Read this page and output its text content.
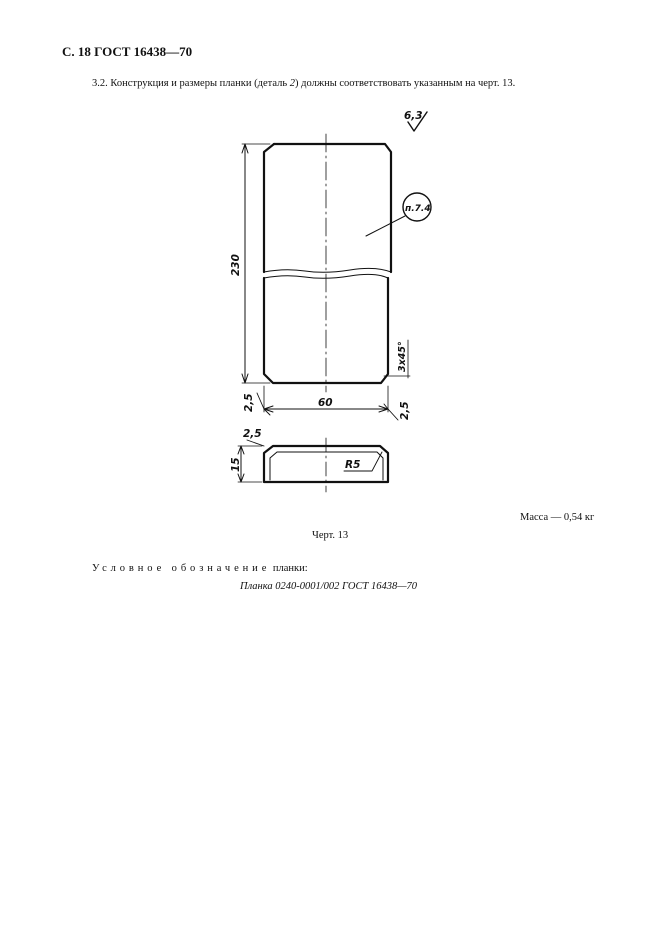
С. 18 ГОСТ 16438—70
3.2. Конструкция и размеры планки (деталь 2) должны соответствовать указанным на черт. 13.
6,3
п.7.4
230
60
3х45°
2,5	2,5
2,5
15	R5
Масса — 0,54 кг
Черт. 13
Условное обозначение планки:
Планка 0240-0001/002 ГОСТ 16438—70
